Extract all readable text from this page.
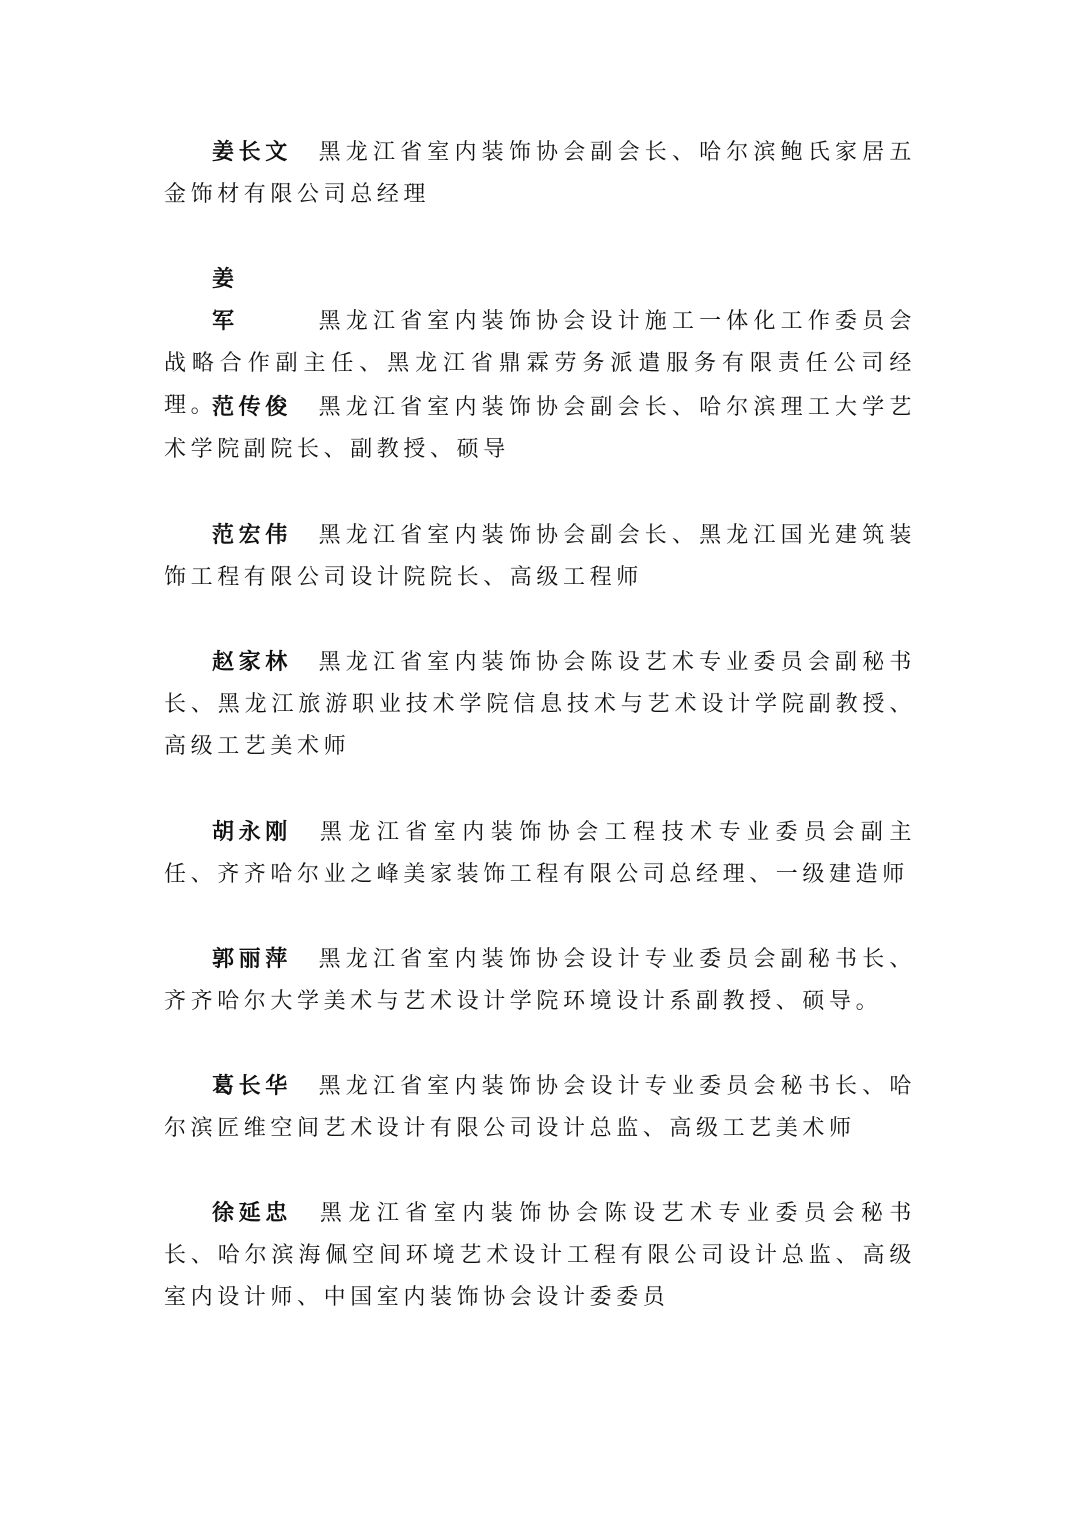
姜长文 黑龙江省室内装饰协会副会长、哈尔滨鲍氏家居五金饰材有限公司总经理
姜 军 黑龙江省室内装饰协会设计施工一体化工作委员会战略合作副主任、黑龙江省鼎霖劳务派遣服务有限责任公司经理。
范传俊 黑龙江省室内装饰协会副会长、哈尔滨理工大学艺术学院副院长、副教授、硕导
范宏伟 黑龙江省室内装饰协会副会长、黑龙江国光建筑装饰工程有限公司设计院院长、高级工程师
赵家林 黑龙江省室内装饰协会陈设艺术专业委员会副秘书长、黑龙江旅游职业技术学院信息技术与艺术设计学院副教授、高级工艺美术师
胡永刚 黑龙江省室内装饰协会工程技术专业委员会副主任、齐齐哈尔业之峰美家装饰工程有限公司总经理、一级建造师
郭丽萍 黑龙江省室内装饰协会设计专业委员会副秘书长、齐齐哈尔大学美术与艺术设计学院环境设计系副教授、硕导。
葛长华 黑龙江省室内装饰协会设计专业委员会秘书长、哈尔滨匠维空间艺术设计有限公司设计总监、高级工艺美术师
徐延忠 黑龙江省室内装饰协会陈设艺术专业委员会秘书长、哈尔滨海佩空间环境艺术设计工程有限公司设计总监、高级室内设计师、中国室内装饰协会设计委委员
